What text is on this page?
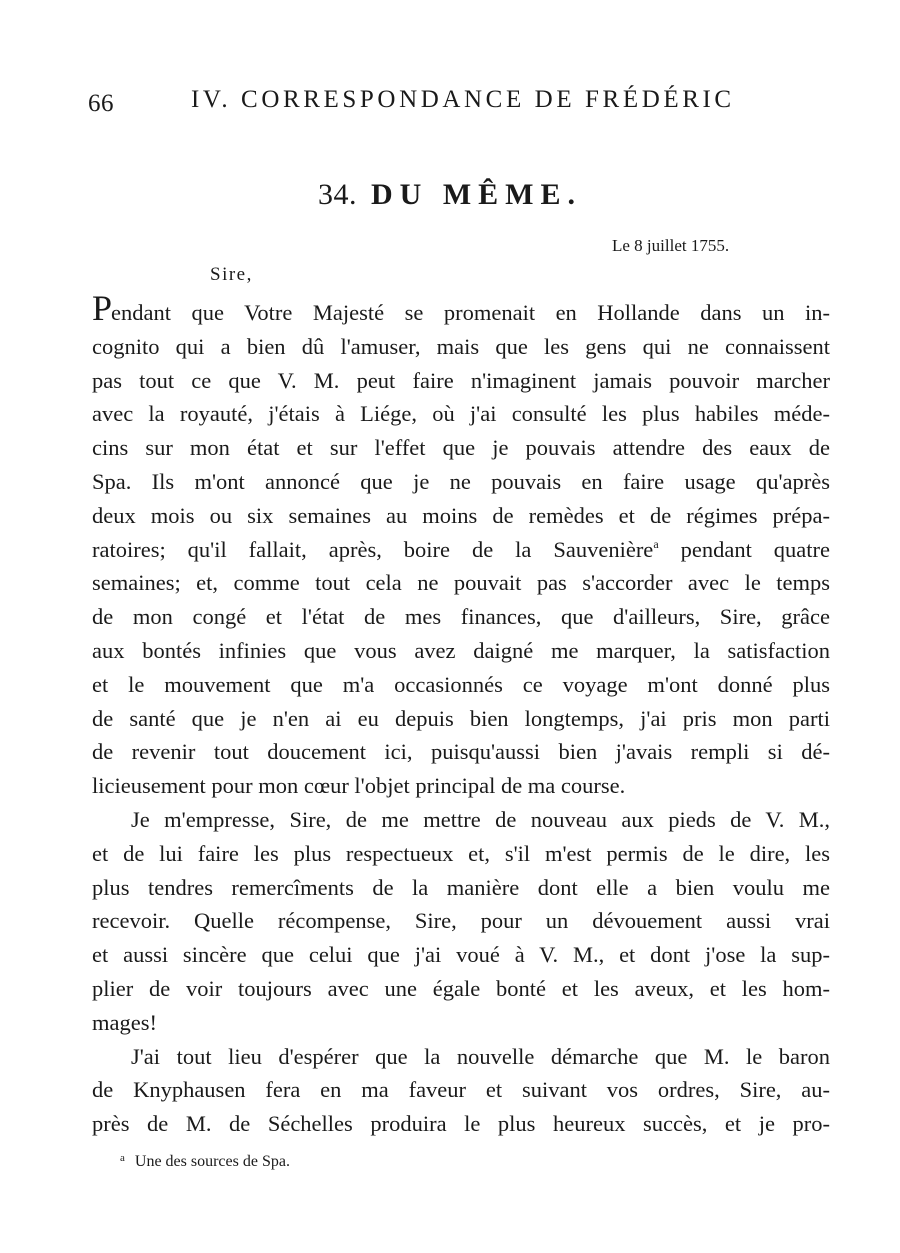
66	IV. CORRESPONDANCE DE FRÉDÉRIC
34. DU MÊME.
Le 8 juillet 1755.
Sire,
Pendant que Votre Majesté se promenait en Hollande dans un in-
cognito qui a bien dû l'amuser, mais que les gens qui ne connaissent
pas tout ce que V. M. peut faire n'imaginent jamais pouvoir marcher
avec la royauté, j'étais à Liége, où j'ai consulté les plus habiles méde-
cins sur mon état et sur l'effet que je pouvais attendre des eaux de
Spa. Ils m'ont annoncé que je ne pouvais en faire usage qu'après
deux mois ou six semaines au moins de remèdes et de régimes prépa-
ratoires; qu'il fallait, après, boire de la Sauvenière$^a$ pendant quatre
semaines; et, comme tout cela ne pouvait pas s'accorder avec le temps
de mon congé et l'état de mes finances, que d'ailleurs, Sire, grâce
aux bontés infinies que vous avez daigné me marquer, la satisfaction
et le mouvement que m'a occasionnés ce voyage m'ont donné plus
de santé que je n'en ai eu depuis bien longtemps, j'ai pris mon parti
de revenir tout doucement ici, puisqu'aussi bien j'avais rempli si dé-
licieusement pour mon cœur l'objet principal de ma course.
Je m'empresse, Sire, de me mettre de nouveau aux pieds de V. M.,
et de lui faire les plus respectueux et, s'il m'est permis de le dire, les
plus tendres remercîments de la manière dont elle a bien voulu me
recevoir. Quelle récompense, Sire, pour un dévouement aussi vrai
et aussi sincère que celui que j'ai voué à V. M., et dont j'ose la sup-
plier de voir toujours avec une égale bonté et les aveux, et les hom-
mages!
J'ai tout lieu d'espérer que la nouvelle démarche que M. le baron
de Knyphausen fera en ma faveur et suivant vos ordres, Sire, au-
près de M. de Séchelles produira le plus heureux succès, et je pro-
$^a$ Une des sources de Spa.
